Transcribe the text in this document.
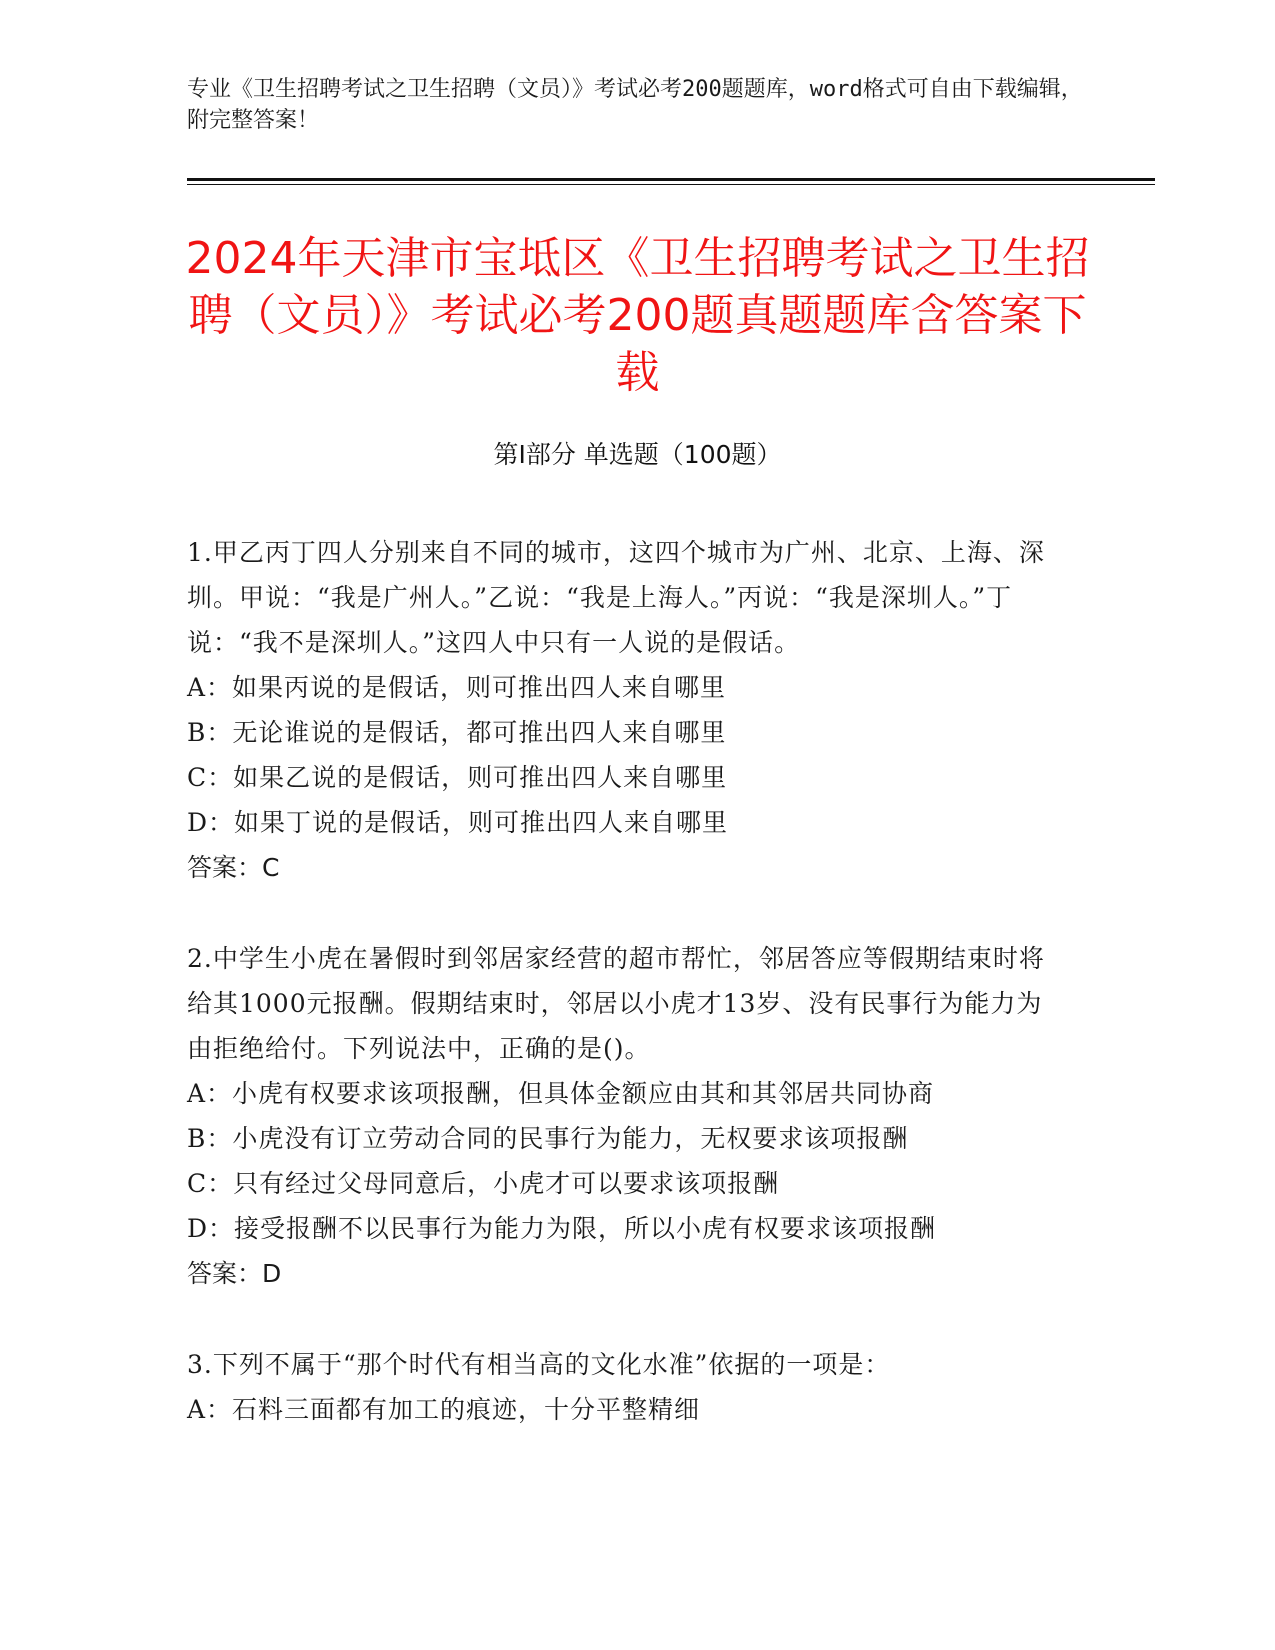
专业《卫生招聘考试之卫生招聘（文员）》考试必考200题题库，word格式可自由下载编辑，附完整答案！
2024年天津市宝坻区《卫生招聘考试之卫生招聘（文员）》考试必考200题真题题库含答案下载
第Ⅰ部分 单选题（100题）

1.甲乙丙丁四人分别来自不同的城市，这四个城市为广州、北京、上海、深圳。甲说：“我是广州人。”乙说：“我是上海人。”丙说：“我是深圳人。”丁说：“我不是深圳人。”这四人中只有一人说的是假话。

A：如果丙说的是假话，则可推出四人来自哪里

B：无论谁说的是假话，都可推出四人来自哪里

C：如果乙说的是假话，则可推出四人来自哪里

D：如果丁说的是假话，则可推出四人来自哪里

答案：C

2.中学生小虎在暑假时到邻居家经营的超市帮忙，邻居答应等假期结束时将给其1000元报酬。假期结束时，邻居以小虎才13岁、没有民事行为能力为由拒绝给付。下列说法中，正确的是()。

A：小虎有权要求该项报酬，但具体金额应由其和其邻居共同协商

B：小虎没有订立劳动合同的民事行为能力，无权要求该项报酬

C：只有经过父母同意后，小虎才可以要求该项报酬

D：接受报酬不以民事行为能力为限，所以小虎有权要求该项报酬

答案：D

3.下列不属于“那个时代有相当高的文化水准”依据的一项是：

A：石料三面都有加工的痕迹，十分平整精细
